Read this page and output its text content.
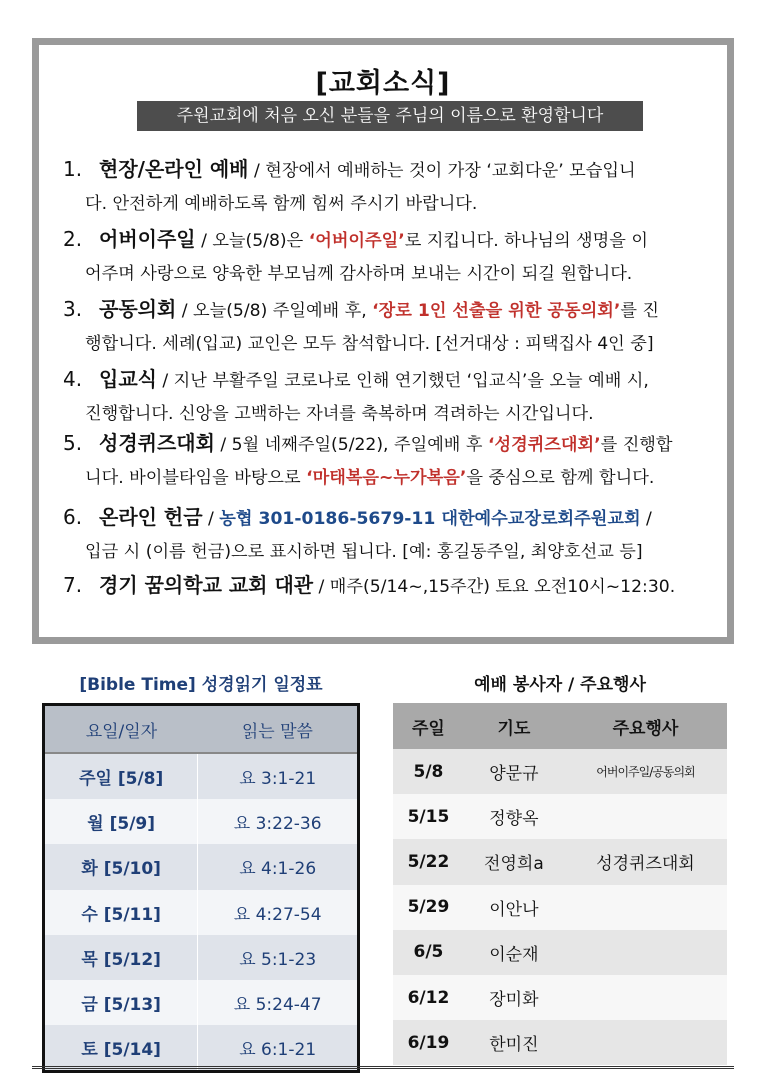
[교회소식]
주원교회에 처음 오신 분들을 주님의 이름으로 환영합니다
1. 현장/온라인 예배 / 현장에서 예배하는 것이 가장 ‘교회다운’ 모습입니
다. 안전하게 예배하도록 함께 힘써 주시기 바랍니다.
2. 어버이주일 / 오늘(5/8)은 ‘어버이주일’로 지킵니다. 하나님의 생명을 이
어주며 사랑으로 양육한 부모님께 감사하며 보내는 시간이 되길 원합니다.
3. 공동의회 / 오늘(5/8) 주일예배 후, ‘장로 1인 선출을 위한 공동의회’를 진
행합니다. 세례(입교) 교인은 모두 참석합니다. [선거대상 : 피택집사 4인 중]
4. 입교식 / 지난 부활주일 코로나로 인해 연기했던 ‘입교식’을 오늘 예배 시,
진행합니다. 신앙을 고백하는 자녀를 축복하며 격려하는 시간입니다.
5. 성경퀴즈대회 / 5월 네째주일(5/22), 주일예배 후 ‘성경퀴즈대회’를 진행합
니다. 바이블타임을 바탕으로 ‘마태복음~누가복음’을 중심으로 함께 합니다.
6. 온라인 헌금 / 농협 301-0186-5679-11 대한예수교장로회주원교회 /
입금 시 (이름 헌금)으로 표시하면 됩니다. [예: 홍길동주일, 최양호선교 등]
7. 경기 꿈의학교 교회 대관 / 매주(5/14~,15주간) 토요 오전10시~12:30.
[Bible Time] 성경읽기 일정표
요일/일자	읽는 말씀
주일 [5/8]	요 3:1-21
월 [5/9]	요 3:22-36
화 [5/10]	요 4:1-26
수 [5/11]	요 4:27-54
목 [5/12]	요 5:1-23
금 [5/13]	요 5:24-47
토 [5/14]	요 6:1-21
예배 봉사자 / 주요행사
주일	기도	주요행사
5/8	양문규	어버이주일/공동의회
5/15	정향옥	
5/22	전영희a	성경퀴즈대회
5/29	이안나	
6/5	이순재	
6/12	장미화	
6/19	한미진	
